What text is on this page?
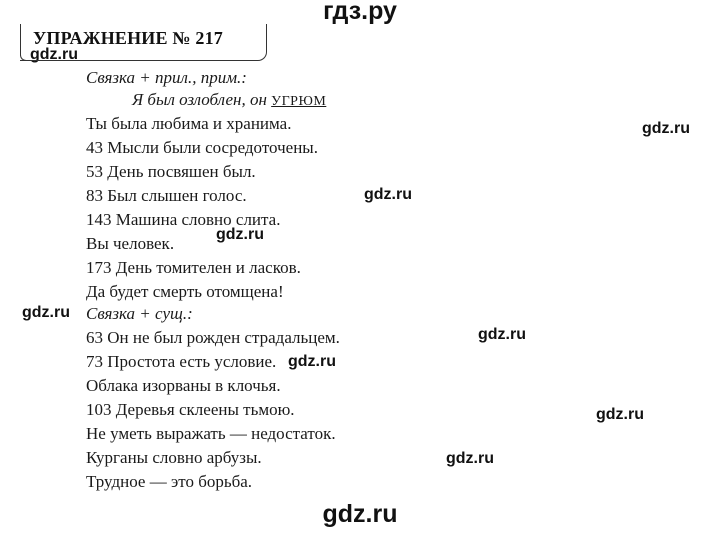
гдз.ру
gdz.ru
gdz.ru
gdz.ru
gdz.ru
gdz.ru
gdz.ru
gdz.ru
gdz.ru
gdz.ru
gdz.ru
УПРАЖНЕНИЕ № 217
Связка + прил., прим.:
Я был озлоблен, он УГРЮМ
Ты была любима и хранима.
43 Мысли были сосредоточены.
53 День посвяшен был.
83 Был слышен голос.
143 Машина словно слита.
Вы человек.
173 День томителен и ласков.
Да будет смерть отомщена!
Связка + сущ.:
63 Он не был рожден страдальцем.
73 Простота есть условие.
Облака изорваны в клочья.
103 Деревья склеены тьмою.
Не уметь выражать — недостаток.
Курганы словно арбузы.
Трудное — это борьба.
